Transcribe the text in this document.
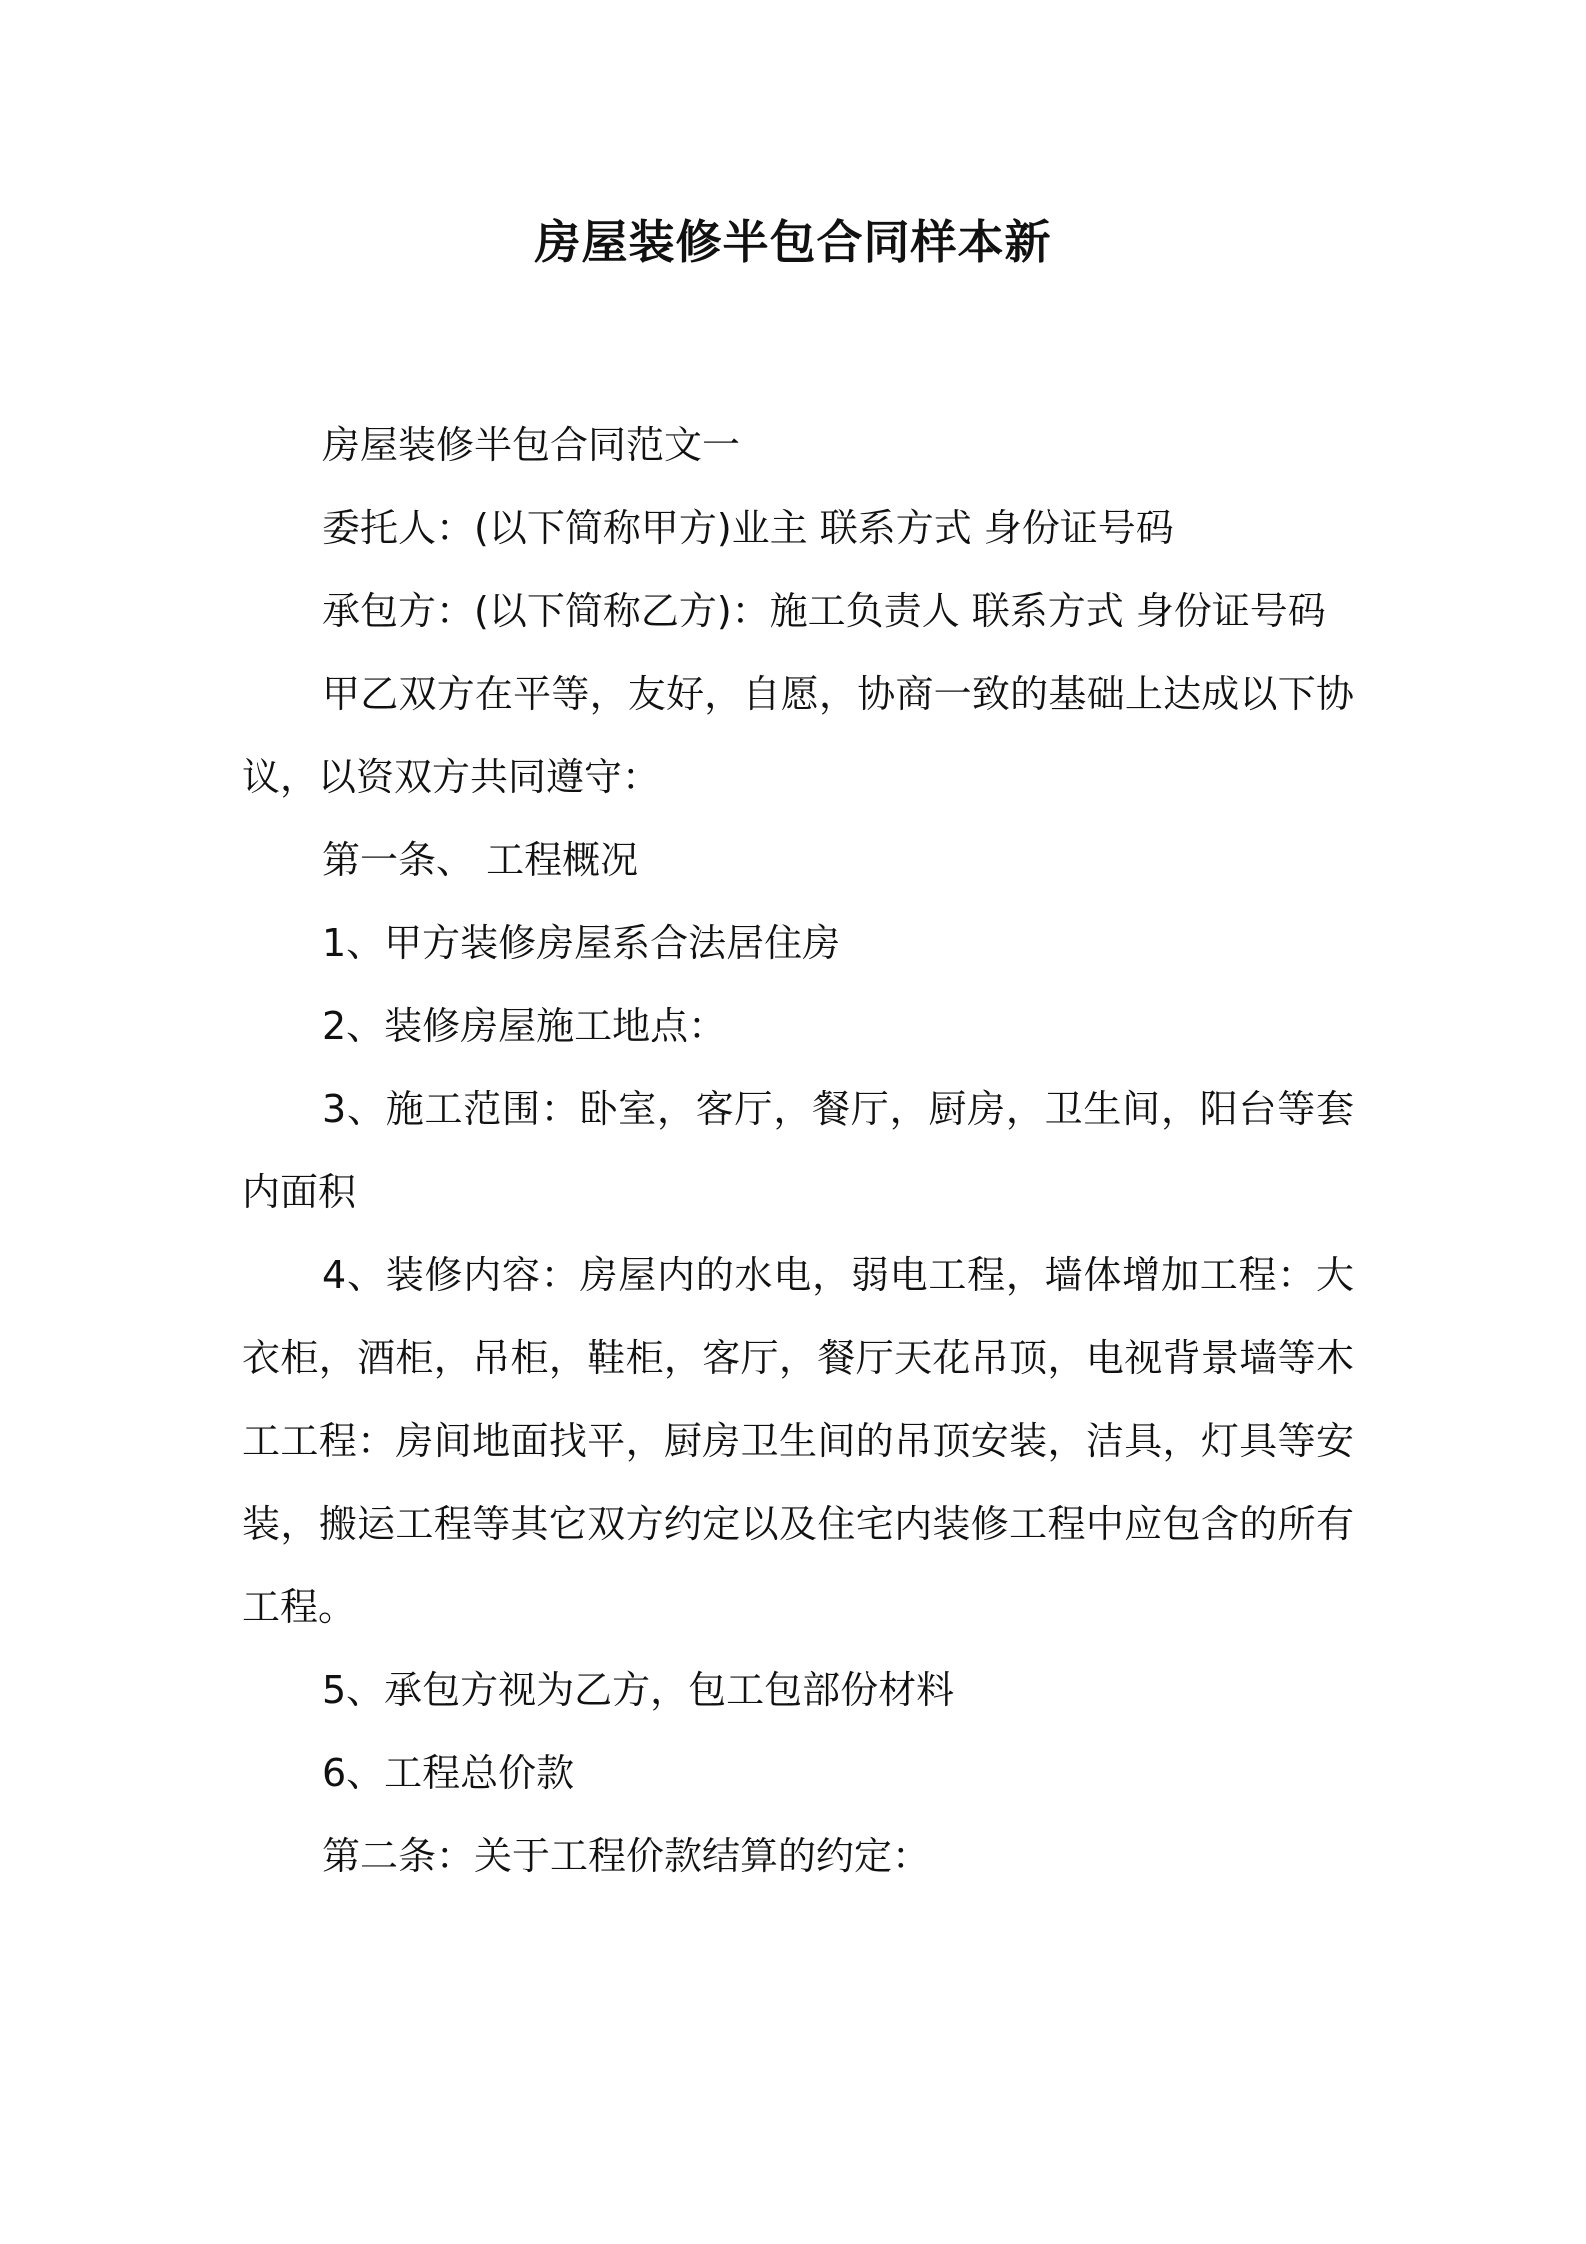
房屋装修半包合同样本新

房屋装修半包合同范文一

委托人：(以下简称甲方)业主 联系方式 身份证号码

承包方：(以下简称乙方)：施工负责人 联系方式 身份证号码

甲乙双方在平等，友好，自愿，协商一致的基础上达成以下协议，以资双方共同遵守：

第一条、 工程概况

1、甲方装修房屋系合法居住房

2、装修房屋施工地点：

3、施工范围：卧室，客厅，餐厅，厨房，卫生间，阳台等套内面积

4、装修内容：房屋内的水电，弱电工程，墙体增加工程：大衣柜，酒柜，吊柜，鞋柜，客厅，餐厅天花吊顶，电视背景墙等木工工程：房间地面找平，厨房卫生间的吊顶安装，洁具，灯具等安装，搬运工程等其它双方约定以及住宅内装修工程中应包含的所有工程。

5、承包方视为乙方，包工包部份材料

6、工程总价款

第二条：关于工程价款结算的约定：
